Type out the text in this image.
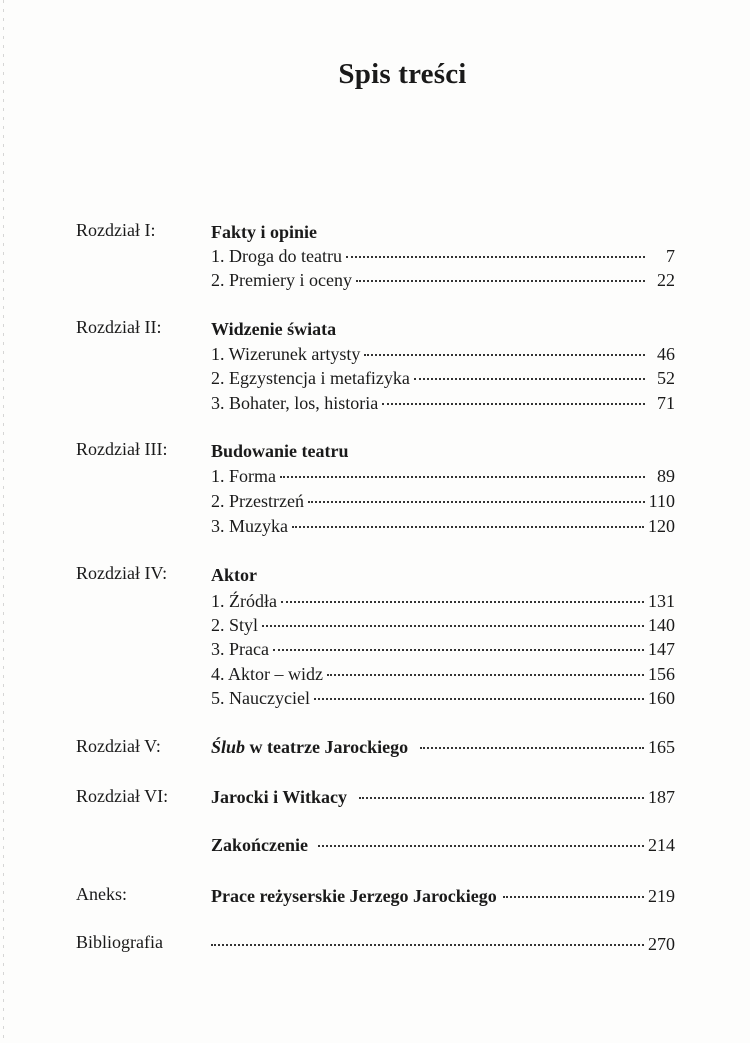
Spis treści
Rozdział I:	Fakty i opinie
1. Droga do teatru	7
2. Premiery i oceny	22
Rozdział II:	Widzenie świata
1. Wizerunek artysty	46
2. Egzystencja i metafizyka	52
3. Bohater, los, historia	71
Rozdział III: Budowanie teatru
1. Forma	89
2. Przestrzeń	110
3. Muzyka	120
Rozdział IV: Aktor
1. Źródła	131
2. Styl	140
3. Praca	147
4. Aktor – widz	156
5. Nauczyciel	160
Rozdział V:	Ślub w teatrze Jarockiego	165
Rozdział VI: Jarocki i Witkacy	187
Zakończenie	214
Aneks:	Prace reżyserskie Jerzego Jarockiego	219
Bibliografia	270
